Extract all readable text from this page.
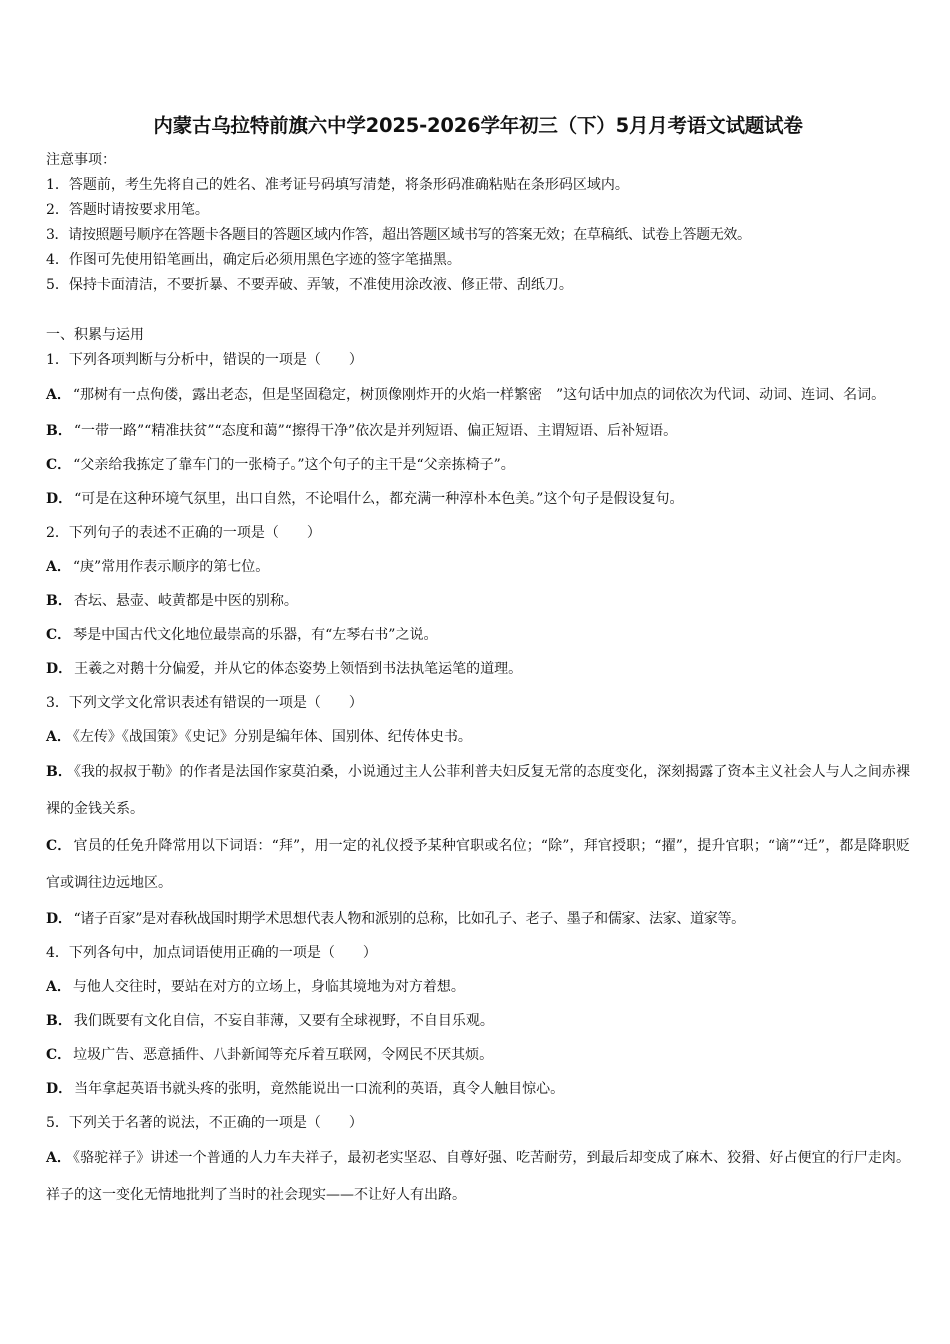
内蒙古乌拉特前旗六中学2025-2026学年初三（下）5月月考语文试题试卷
注意事项：
1．答题前，考生先将自己的姓名、准考证号码填写清楚，将条形码准确粘贴在条形码区域内。
2．答题时请按要求用笔。
3．请按照题号顺序在答题卡各题目的答题区域内作答，超出答题区域书写的答案无效；在草稿纸、试卷上答题无效。
4．作图可先使用铅笔画出，确定后必须用黑色字迹的签字笔描黑。
5．保持卡面清洁，不要折暴、不要弄破、弄皱，不准使用涂改液、修正带、刮纸刀。
一、积累与运用
1．下列各项判断与分析中，错误的一项是（　　）
A． “那树有一点佝偻，露出老态，但是坚固稳定，树顶像刚炸开的火焰一样繁密　”这句话中加点的词依次为代词、动词、连词、名词。
B． “一带一路”“精准扶贫”“态度和蔼”“擦得干净”依次是并列短语、偏正短语、主谓短语、后补短语。
C． “父亲给我拣定了靠车门的一张椅子。”这个句子的主干是“父亲拣椅子”。
D． “可是在这种环境气氛里，出口自然，不论唱什么，都充满一种淳朴本色美。”这个句子是假设复句。
2．下列句子的表述不正确的一项是（　　）
A． “庚”常用作表示顺序的第七位。
B． 杏坛、悬壶、岐黄都是中医的别称。
C． 琴是中国古代文化地位最崇高的乐器，有“左琴右书”之说。
D． 王羲之对鹅十分偏爱，并从它的体态姿势上领悟到书法执笔运笔的道理。
3．下列文学文化常识表述有错误的一项是（　　）
A． 《左传》《战国策》《史记》分别是编年体、国别体、纪传体史书。
B． 《我的叔叔于勒》的作者是法国作家莫泊桑，小说通过主人公菲利普夫妇反复无常的态度变化，深刻揭露了资本主义社会人与人之间赤裸裸的金钱关系。
C． 官员的任免升降常用以下词语：“拜”，用一定的礼仪授予某种官职或名位；“除”，拜官授职；“擢”，提升官职；“谪”“迁”，都是降职贬官或调往边远地区。
D． “诸子百家”是对春秋战国时期学术思想代表人物和派别的总称，比如孔子、老子、墨子和儒家、法家、道家等。
4．下列各句中，加点词语使用正确的一项是（　　）
A． 与他人交往时，要站在对方的立场上，身临其境地为对方着想。
B． 我们既要有文化自信，不妄自菲薄，又要有全球视野，不自目乐观。
C． 垃圾广告、恶意插件、八卦新闻等充斥着互联网，令网民不厌其烦。
D． 当年拿起英语书就头疼的张明，竟然能说出一口流利的英语，真令人触目惊心。
5．下列关于名著的说法，不正确的一项是（　　）
A． 《骆驼祥子》讲述一个普通的人力车夫祥子，最初老实坚忍、自尊好强、吃苦耐劳，到最后却变成了麻木、狡猾、好占便宜的行尸走肉。祥子的这一变化无情地批判了当时的社会现实——不让好人有出路。
